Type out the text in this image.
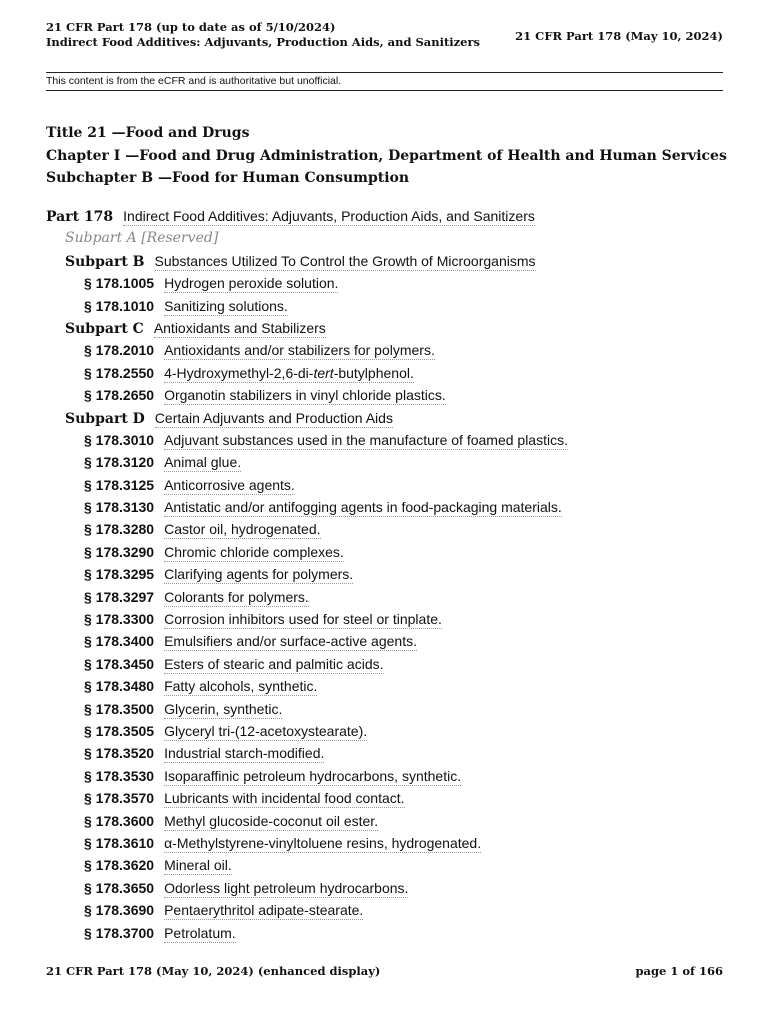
21 CFR Part 178 (up to date as of 5/10/2024)
Indirect Food Additives: Adjuvants, Production Aids, and Sanitizers	21 CFR Part 178 (May 10, 2024)
This content is from the eCFR and is authoritative but unofficial.
Title 21 —Food and Drugs
Chapter I —Food and Drug Administration, Department of Health and Human Services
Subchapter B —Food for Human Consumption
Part 178 Indirect Food Additives: Adjuvants, Production Aids, and Sanitizers
Subpart A [Reserved]
Subpart B Substances Utilized To Control the Growth of Microorganisms
§ 178.1005 Hydrogen peroxide solution.
§ 178.1010 Sanitizing solutions.
Subpart C Antioxidants and Stabilizers
§ 178.2010 Antioxidants and/or stabilizers for polymers.
§ 178.2550 4-Hydroxymethyl-2,6-di-tert-butylphenol.
§ 178.2650 Organotin stabilizers in vinyl chloride plastics.
Subpart D Certain Adjuvants and Production Aids
§ 178.3010 Adjuvant substances used in the manufacture of foamed plastics.
§ 178.3120 Animal glue.
§ 178.3125 Anticorrosive agents.
§ 178.3130 Antistatic and/or antifogging agents in food-packaging materials.
§ 178.3280 Castor oil, hydrogenated.
§ 178.3290 Chromic chloride complexes.
§ 178.3295 Clarifying agents for polymers.
§ 178.3297 Colorants for polymers.
§ 178.3300 Corrosion inhibitors used for steel or tinplate.
§ 178.3400 Emulsifiers and/or surface-active agents.
§ 178.3450 Esters of stearic and palmitic acids.
§ 178.3480 Fatty alcohols, synthetic.
§ 178.3500 Glycerin, synthetic.
§ 178.3505 Glyceryl tri-(12-acetoxystearate).
§ 178.3520 Industrial starch-modified.
§ 178.3530 Isoparaffinic petroleum hydrocarbons, synthetic.
§ 178.3570 Lubricants with incidental food contact.
§ 178.3600 Methyl glucoside-coconut oil ester.
§ 178.3610 α-Methylstyrene-vinyltoluene resins, hydrogenated.
§ 178.3620 Mineral oil.
§ 178.3650 Odorless light petroleum hydrocarbons.
§ 178.3690 Pentaerythritol adipate-stearate.
§ 178.3700 Petrolatum.
21 CFR Part 178 (May 10, 2024) (enhanced display)	page 1 of 166
